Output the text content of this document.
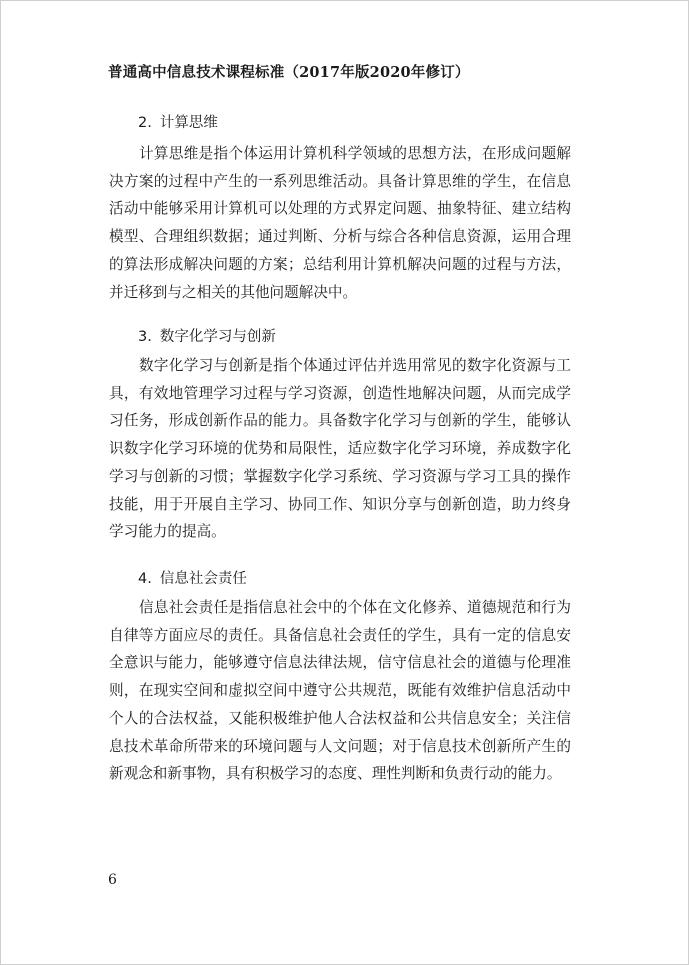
普通高中信息技术课程标准（2017年版2020年修订）
2. 计算思维

计算思维是指个体运用计算机科学领域的思想方法，在形成问题解决方案的过程中产生的一系列思维活动。具备计算思维的学生，在信息活动中能够采用计算机可以处理的方式界定问题、抽象特征、建立结构模型、合理组织数据；通过判断、分析与综合各种信息资源，运用合理的算法形成解决问题的方案；总结利用计算机解决问题的过程与方法，并迁移到与之相关的其他问题解决中。

3. 数字化学习与创新

数字化学习与创新是指个体通过评估并选用常见的数字化资源与工具，有效地管理学习过程与学习资源，创造性地解决问题，从而完成学习任务，形成创新作品的能力。具备数字化学习与创新的学生，能够认识数字化学习环境的优势和局限性，适应数字化学习环境，养成数字化学习与创新的习惯；掌握数字化学习系统、学习资源与学习工具的操作技能，用于开展自主学习、协同工作、知识分享与创新创造，助力终身学习能力的提高。

4. 信息社会责任

信息社会责任是指信息社会中的个体在文化修养、道德规范和行为自律等方面应尽的责任。具备信息社会责任的学生，具有一定的信息安全意识与能力，能够遵守信息法律法规，信守信息社会的道德与伦理准则，在现实空间和虚拟空间中遵守公共规范，既能有效维护信息活动中个人的合法权益，又能积极维护他人合法权益和公共信息安全；关注信息技术革命所带来的环境问题与人文问题；对于信息技术创新所产生的新观念和新事物，具有积极学习的态度、理性判断和负责行动的能力。

6
